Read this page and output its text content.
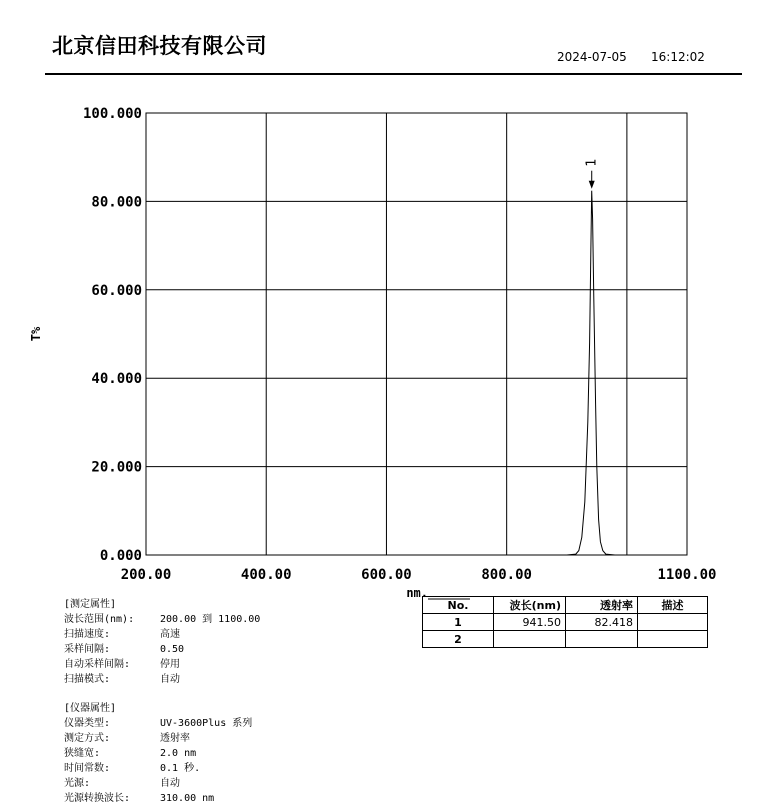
北京信田科技有限公司	2024-07-05 16:12:02
100.000
80.000
60.000
40.000
20.000
0.000
200.00	400.00	600.00	800.00	1100.00
T%
nm.
1
No.	波长(nm)	透射率	描述
1	941.50	82.418	
2			
[测定属性]
波长范围(nm):	200.00 到 1100.00
扫描速度:	高速
采样间隔:	0.50
自动采样间隔:	停用
扫描模式:	自动
[仪器属性]
仪器类型:	UV-3600Plus 系列
测定方式:	透射率
狭缝宽:	2.0 nm
时间常数:	0.1 秒.
光源:	自动
光源转换波长:	310.00 nm
